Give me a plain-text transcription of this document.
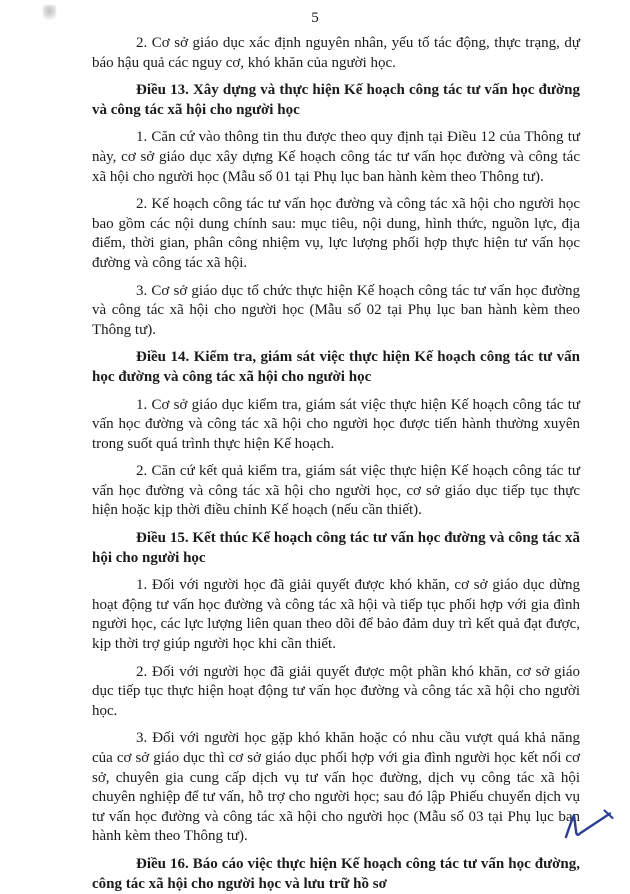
5

2. Cơ sở giáo dục xác định nguyên nhân, yếu tố tác động, thực trạng, dự báo hậu quả các nguy cơ, khó khăn của người học.

Điều 13. Xây dựng và thực hiện Kế hoạch công tác tư vấn học đường và công tác xã hội cho người học

1. Căn cứ vào thông tin thu được theo quy định tại Điều 12 của Thông tư này, cơ sở giáo dục xây dựng Kế hoạch công tác tư vấn học đường và công tác xã hội cho người học (Mẫu số 01 tại Phụ lục ban hành kèm theo Thông tư).

2. Kế hoạch công tác tư vấn học đường và công tác xã hội cho người học bao gồm các nội dung chính sau: mục tiêu, nội dung, hình thức, nguồn lực, địa điểm, thời gian, phân công nhiệm vụ, lực lượng phối hợp thực hiện tư vấn học đường và công tác xã hội.

3. Cơ sở giáo dục tổ chức thực hiện Kế hoạch công tác tư vấn học đường và công tác xã hội cho người học (Mẫu số 02 tại Phụ lục ban hành kèm theo Thông tư).

Điều 14. Kiểm tra, giám sát việc thực hiện Kế hoạch công tác tư vấn học đường và công tác xã hội cho người học

1. Cơ sở giáo dục kiểm tra, giám sát việc thực hiện Kế hoạch công tác tư vấn học đường và công tác xã hội cho người học được tiến hành thường xuyên trong suốt quá trình thực hiện Kế hoạch.

2. Căn cứ kết quả kiểm tra, giám sát việc thực hiện Kế hoạch công tác tư vấn học đường và công tác xã hội cho người học, cơ sở giáo dục tiếp tục thực hiện hoặc kịp thời điều chỉnh Kế hoạch (nếu cần thiết).

Điều 15. Kết thúc Kế hoạch công tác tư vấn học đường và công tác xã hội cho người học

1. Đối với người học đã giải quyết được khó khăn, cơ sở giáo dục dừng hoạt động tư vấn học đường và công tác xã hội và tiếp tục phối hợp với gia đình người học, các lực lượng liên quan theo dõi để bảo đảm duy trì kết quả đạt được, kịp thời trợ giúp người học khi cần thiết.

2. Đối với người học đã giải quyết được một phần khó khăn, cơ sở giáo dục tiếp tục thực hiện hoạt động tư vấn học đường và công tác xã hội cho người học.

3. Đối với người học gặp khó khăn hoặc có nhu cầu vượt quá khả năng của cơ sở giáo dục thì cơ sở giáo dục phối hợp với gia đình người học kết nối cơ sở, chuyên gia cung cấp dịch vụ tư vấn học đường, dịch vụ công tác xã hội chuyên nghiệp để tư vấn, hỗ trợ cho người học; sau đó lập Phiếu chuyển dịch vụ tư vấn học đường và công tác xã hội cho người học (Mẫu số 03 tại Phụ lục ban hành kèm theo Thông tư).

Điều 16. Báo cáo việc thực hiện Kế hoạch công tác tư vấn học đường, công tác xã hội cho người học và lưu trữ hồ sơ
